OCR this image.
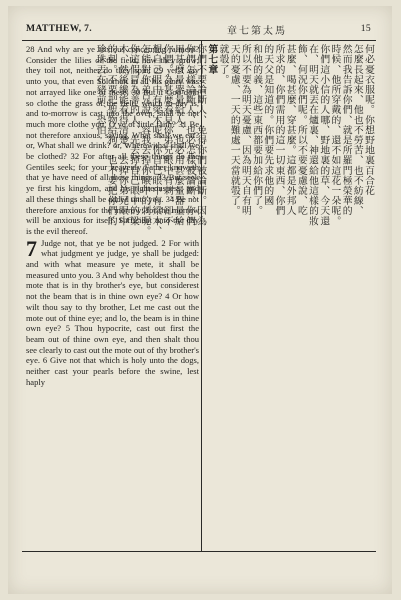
MATTHEW, 7.	章七第太馬	15

28 And why are ye anxious concerning raiment? Consider the lilies of the field, how they grow; they toil not, neither do they spin: 29 yet I say unto you, that even Solomon in all his glory was not arrayed like one of these. 30 But if God doth so clothe the grass of the field, which to-day is, and to-morrow is cast into the oven, shall he not much more clothe you, O ye of little faith? 31 Be not therefore anxious, saying, What shall we eat? or, What shall we drink? or, Wherewithal shall we be clothed? 32 For after all these things do the Gentiles seek; for your heavenly Father knoweth that ye have need of all these things. 33 But seek ye first his kingdom, and his righteousness; and all these things shall be added unto you. 34 Be not therefore anxious for the morrow: for the morrow will be anxious for itself. Sufficient unto the day is the evil thereof.

7 Judge not, that ye be not judged. 2 For with what judgment ye judge, ye shall be judged: and with what measure ye mete, it shall be measured unto you. 3 And why beholdest thou the mote that is in thy brother's eye, but considerest not the beam that is in thine own eye? 4 Or how wilt thou say to thy brother, Let me cast out the mote out of thine eye; and lo, the beam is in thine own eye? 5 Thou hypocrite, cast out first the beam out of thine own eye, and then shalt thou see clearly to cast out the mote out of thy brother's eye. 6 Give not that which is holy unto the dogs, neither cast your pearls before the swine, lest haply

何必憂衣服呢。你想野地裏百合花
怎麼長起來、他也不勞苦、也不紡線、
然而我告訴你們、就是所羅門極榮華的
時候、他所穿戴的、還不如這花一朵呢。
你們這小信的人哪、野地裏的草、今天還
在、明天就丟在爐裏、神還給他這樣的妝
飾、何況你們呢。所以不要憂慮說、吃
甚麼、喝甚麼、穿甚麼。這都是外邦人
所求的、你們需用的這一切東西、你們
的天父是知道的。你們要先求他的國
和他的義、這些東西都要加給你們了。
所以不要為明天憂慮、因為明天自有明
天的憂慮、一天的難處一天當就彀了。
就彀了。
第七章
你們不要論斷人、免得你們被論斷。因為
你們怎樣論斷人、也必怎樣被論斷、你們
用甚麼量器量給人、也必用甚麼量器量給
你們。為甚麼看見你弟兄眼中有刺、卻不
想自己眼中有梁木呢。你自己眼中有梁木、
怎能對你弟兄說、容我去掉你眼中的刺呢。
你這假冒為善的人、先去掉自己眼中的梁
木、然後纔能看得清楚、去掉你弟兄眼中
的刺。不要把聖物給狗、也不要把你們的
珍珠丟在豬前、恐怕
